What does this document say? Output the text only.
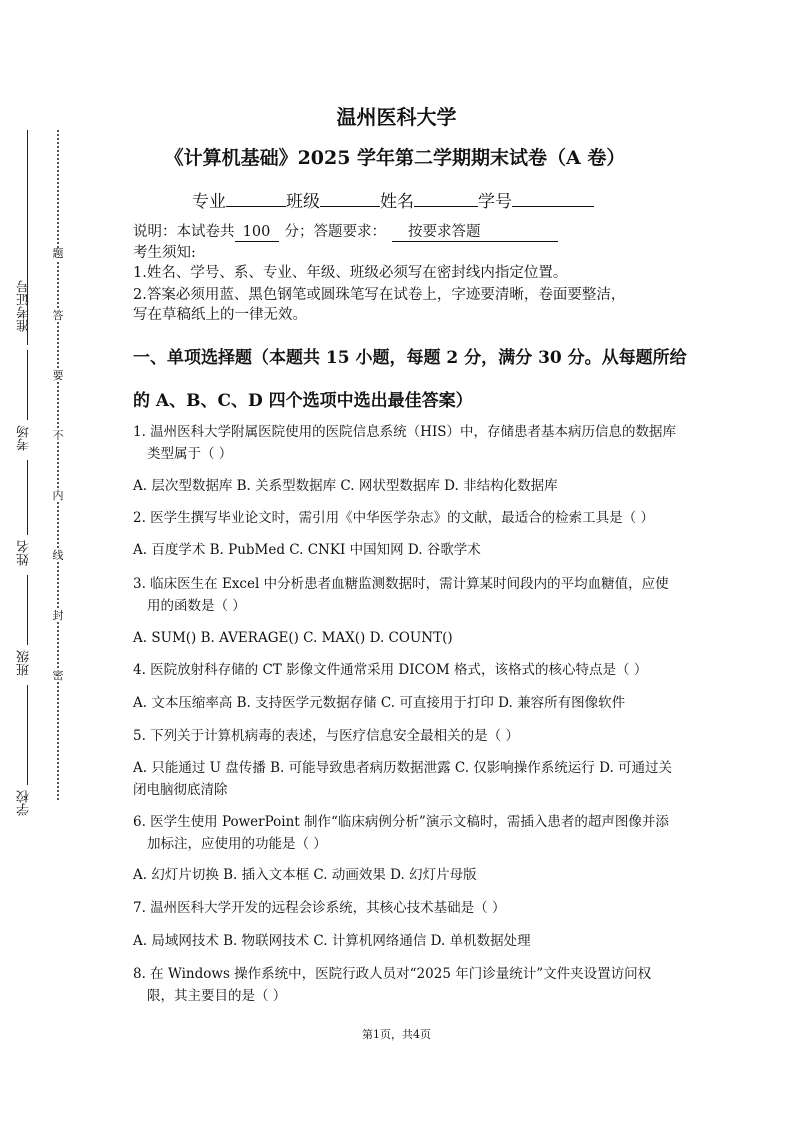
准考证号
考场
姓名
班级
学校
题
答
要
不
内
线
封
密
温州医科大学
《计算机基础》2025 学年第二学期期末试卷（A 卷）
专业	班级	姓名	学号
说明：本试卷共 100 分；答题要求： 按要求答题
考生须知:
1.姓名、学号、系、专业、年级、班级必须写在密封线内指定位置。
2.答案必须用蓝、黑色钢笔或圆珠笔写在试卷上，字迹要清晰，卷面要整洁，
写在草稿纸上的一律无效。
一、单项选择题（本题共 15 小题，每题 2 分，满分 30 分。从每题所给
的 A、B、C、D 四个选项中选出最佳答案）
1. 温州医科大学附属医院使用的医院信息系统（HIS）中，存储患者基本病历信息的数据库类型属于（ ）
A. 层次型数据库 B. 关系型数据库 C. 网状型数据库 D. 非结构化数据库
2. 医学生撰写毕业论文时，需引用《中华医学杂志》的文献，最适合的检索工具是（ ）
A. 百度学术 B. PubMed C. CNKI 中国知网 D. 谷歌学术
3. 临床医生在 Excel 中分析患者血糖监测数据时，需计算某时间段内的平均血糖值，应使用的函数是（ ）
A. SUM() B. AVERAGE() C. MAX() D. COUNT()
4. 医院放射科存储的 CT 影像文件通常采用 DICOM 格式，该格式的核心特点是（ ）
A. 文本压缩率高 B. 支持医学元数据存储 C. 可直接用于打印 D. 兼容所有图像软件
5. 下列关于计算机病毒的表述，与医疗信息安全最相关的是（ ）
A. 只能通过 U 盘传播 B. 可能导致患者病历数据泄露 C. 仅影响操作系统运行 D. 可通过关闭电脑彻底清除
6. 医学生使用 PowerPoint 制作“临床病例分析”演示文稿时，需插入患者的超声图像并添加标注，应使用的功能是（ ）
A. 幻灯片切换 B. 插入文本框 C. 动画效果 D. 幻灯片母版
7. 温州医科大学开发的远程会诊系统，其核心技术基础是（ ）
A. 局域网技术 B. 物联网技术 C. 计算机网络通信 D. 单机数据处理
8. 在 Windows 操作系统中，医院行政人员对“2025 年门诊量统计”文件夹设置访问权限，其主要目的是（ ）
第1页，共4页
